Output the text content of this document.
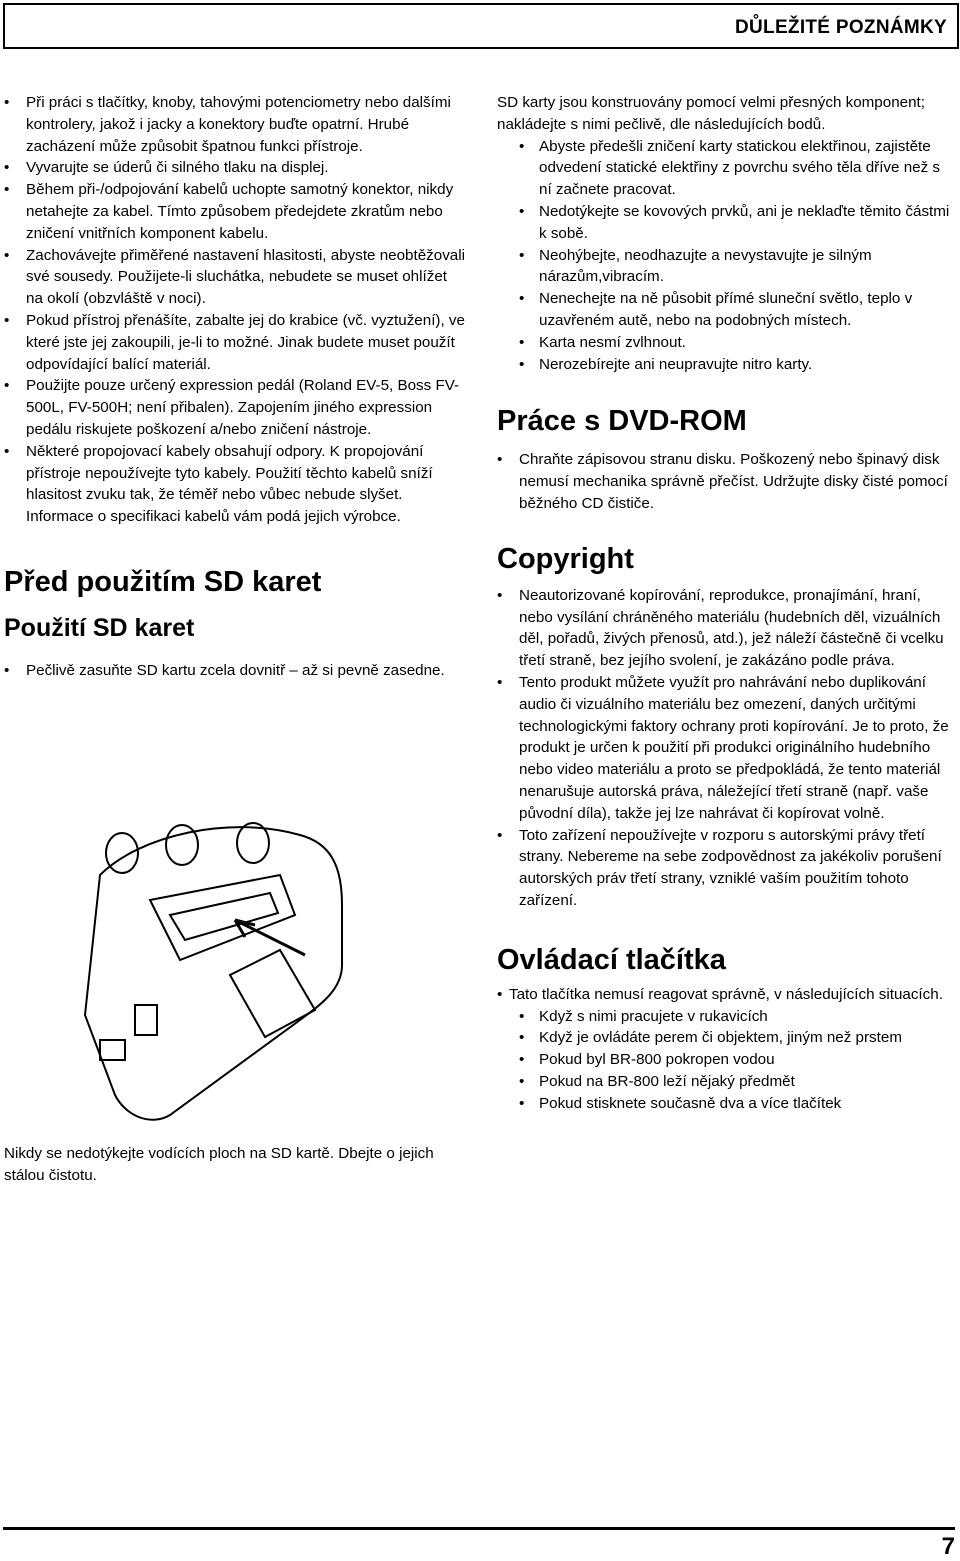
DŮLEŽITÉ POZNÁMKY
• Při práci s tlačítky, knoby, tahovými potenciometry nebo dalšími kontrolery, jakož i jacky a konektory buďte opatrní. Hrubé zacházení může způsobit špatnou funkci přístroje.
• Vyvarujte se úderů či silného tlaku na displej.
• Během při-/odpojování kabelů uchopte samotný konektor, nikdy netahejte za kabel. Tímto způsobem předejdete zkratům nebo zničení vnitřních komponent kabelu.
• Zachovávejte přiměřené nastavení hlasitosti, abyste neobtěžovali své sousedy. Použijete-li sluchátka, nebudete se muset ohlížet na okolí (obzvláště v noci).
• Pokud přístroj přenášíte, zabalte jej do krabice (vč. vyztužení), ve které jste jej zakoupili, je-li to možné. Jinak budete muset použít odpovídající balící materiál.
• Použijte pouze určený expression pedál (Roland EV-5, Boss FV-500L, FV-500H; není přibalen). Zapojením jiného expression pedálu riskujete poškození a/nebo zničení nástroje.
• Některé propojovací kabely obsahují odpory. K propojování přístroje nepoužívejte tyto kabely. Použití těchto kabelů sníží hlasitost zvuku tak, že téměř nebo vůbec nebude slyšet. Informace o specifikaci kabelů vám podá jejich výrobce.
Před použitím SD karet
Použití SD karet
• Pečlivě zasuňte SD kartu zcela dovnitř – až si pevně zasedne.

Nikdy se nedotýkejte vodících ploch na SD kartě. Dbejte o jejich stálou čistotu.

SD karty jsou konstruovány pomocí velmi přesných komponent; nakládejte s nimi pečlivě, dle následujících bodů.

• Abyste předešli zničení karty statickou elektřinou, zajistěte odvedení statické elektřiny z povrchu svého těla dříve než s ní začnete pracovat.
• Nedotýkejte se kovových prvků, ani je neklaďte těmito částmi k sobě.
• Neohýbejte, neodhazujte a nevystavujte je silným nárazům,vibracím.
• Nenechejte na ně působit přímé sluneční světlo, teplo v uzavřeném autě, nebo na podobných místech.
• Karta nesmí zvlhnout.
• Nerozebírejte ani neupravujte nitro karty.
Práce s DVD-ROM
• Chraňte zápisovou stranu disku. Poškozený nebo špinavý disk nemusí mechanika správně přečíst. Udržujte disky čisté pomocí běžného CD čističe.
Copyright
• Neautorizované kopírování, reprodukce, pronajímání, hraní, nebo vysílání chráněného materiálu (hudebních děl, vizuálních děl, pořadů, živých přenosů, atd.), jež náleží částečně či vcelku třetí straně, bez jejího svolení, je zakázáno podle práva.
• Tento produkt můžete využít pro nahrávání nebo duplikování audio či vizuálního materiálu bez omezení, daných určitými technologickými faktory ochrany proti kopírování. Je to proto, že produkt je určen k použití při produkci originálního hudebního nebo video materiálu a proto se předpokládá, že tento materiál nenarušuje autorská práva, náležející třetí straně (např. vaše původní díla), takže jej lze nahrávat či kopírovat volně.
• Toto zařízení nepoužívejte v rozporu s autorskými právy třetí strany. Nebereme na sebe zodpovědnost za jakékoliv porušení autorských práv třetí strany, vzniklé vaším použitím tohoto zařízení.
Ovládací tlačítka
• Tato tlačítka nemusí reagovat správně, v následujících situacích.
• Když s nimi pracujete v rukavicích
• Když je ovládáte perem či objektem, jiným než prstem
• Pokud byl BR-800 pokropen vodou
• Pokud na BR-800 leží nějaký předmět
• Pokud stisknete současně dva a více tlačítek
7
